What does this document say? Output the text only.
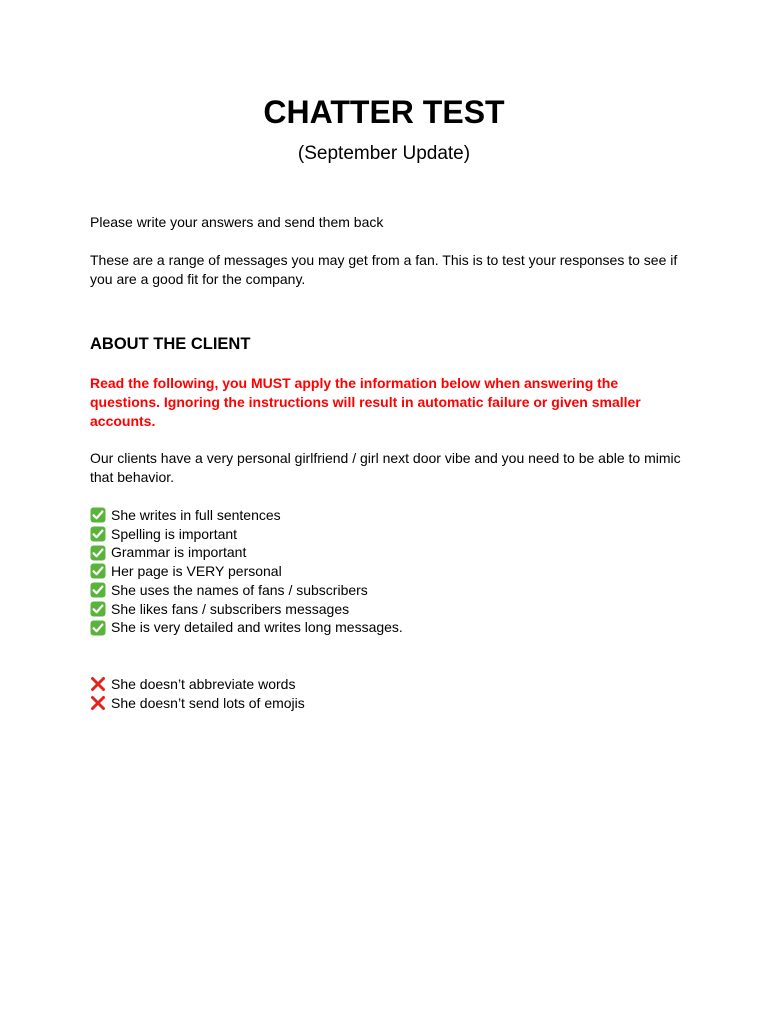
CHATTER TEST
(September Update)
Please write your answers and send them back
These are a range of messages you may get from a fan. This is to test your responses to see if
you are a good fit for the company.
ABOUT THE CLIENT
Read the following, you MUST apply the information below when answering the
questions. Ignoring the instructions will result in automatic failure or given smaller
accounts.
Our clients have a very personal girlfriend / girl next door vibe and you need to be able to mimic
that behavior.
She writes in full sentences
Spelling is important
Grammar is important
Her page is VERY personal
She uses the names of fans / subscribers
She likes fans / subscribers messages
She is very detailed and writes long messages.
She doesn’t abbreviate words
She doesn’t send lots of emojis
